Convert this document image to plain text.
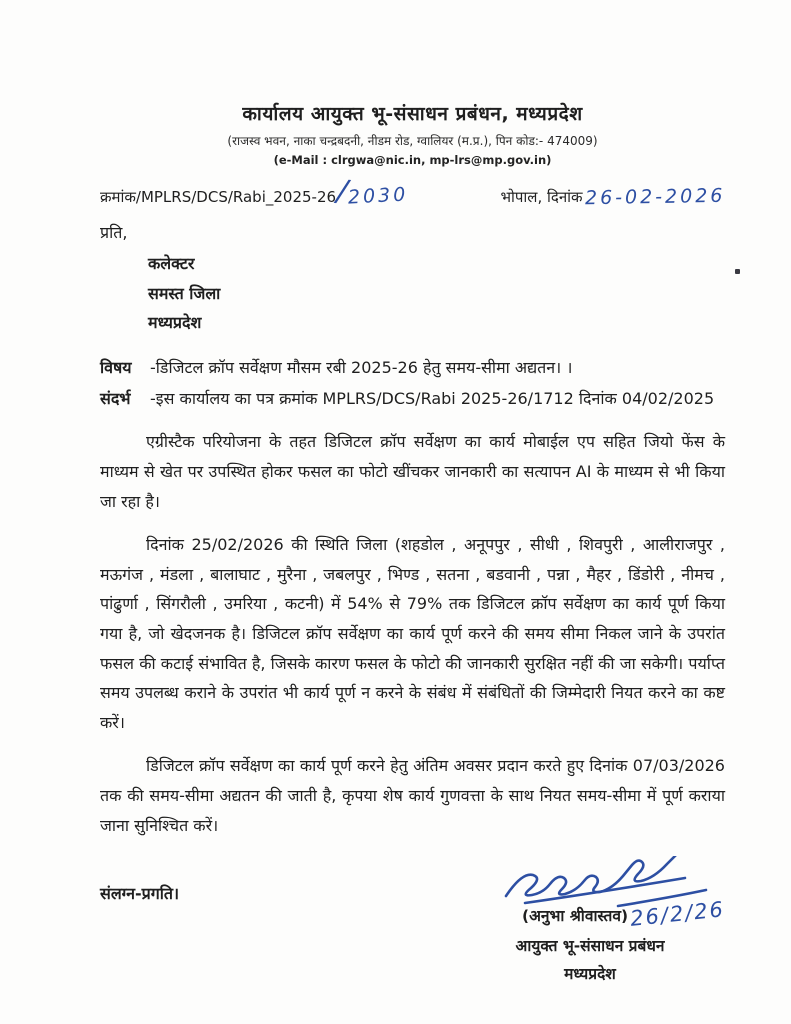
कार्यालय आयुक्त भू-संसाधन प्रबंधन, मध्यप्रदेश
(राजस्व भवन, नाका चन्द्रबदनी, नीडम रोड, ग्वालियर (म.प्र.), पिन कोड:- 474009)
(e-Mail : clrgwa@nic.in, mp-lrs@mp.gov.in)
क्रमांक/MPLRS/DCS/Rabi_2025-26 /
2030	भोपाल, दिनांक 26-02-2026
प्रति,
कलेक्टर
समस्त जिला
मध्यप्रदेश
विषय	-डिजिटल क्रॉप सर्वेक्षण मौसम रबी 2025-26 हेतु समय-सीमा अद्यतन। ।
संदर्भ	-इस कार्यालय का पत्र क्रमांक MPLRS/DCS/Rabi 2025-26/1712 दिनांक 04/02/2025

एग्रीस्टैक परियोजना के तहत डिजिटल क्रॉप सर्वेक्षण का कार्य मोबाईल एप सहित जियो फेंस के माध्यम से खेत पर उपस्थित होकर फसल का फोटो खींचकर जानकारी का सत्यापन AI के माध्यम से भी किया जा रहा है।

दिनांक 25/02/2026 की स्थिति जिला (शहडोल , अनूपपुर , सीधी , शिवपुरी , आलीराजपुर , मऊगंज , मंडला , बालाघाट , मुरैना , जबलपुर , भिण्ड , सतना , बडवानी , पन्ना , मैहर , डिंडोरी , नीमच , पांढुर्णा , सिंगरौली , उमरिया , कटनी) में 54% से 79% तक डिजिटल क्रॉप सर्वेक्षण का कार्य पूर्ण किया गया है, जो खेदजनक है। डिजिटल क्रॉप सर्वेक्षण का कार्य पूर्ण करने की समय सीमा निकल जाने के उपरांत फसल की कटाई संभावित है, जिसके कारण फसल के फोटो की जानकारी सुरक्षित नहीं की जा सकेगी। पर्याप्त समय उपलब्ध कराने के उपरांत भी कार्य पूर्ण न करने के संबंध में संबंधितों की जिम्मेदारी नियत करने का कष्ट करें।

डिजिटल क्रॉप सर्वेक्षण का कार्य पूर्ण करने हेतु अंतिम अवसर प्रदान करते हुए दिनांक 07/03/2026 तक की समय-सीमा अद्यतन की जाती है, कृपया शेष कार्य गुणवत्ता के साथ नियत समय-सीमा में पूर्ण कराया जाना सुनिश्चित करें।

संलग्न-प्रगति।
(अनुभा श्रीवास्तव) 26/2/26
आयुक्त भू-संसाधन प्रबंधन
मध्यप्रदेश
